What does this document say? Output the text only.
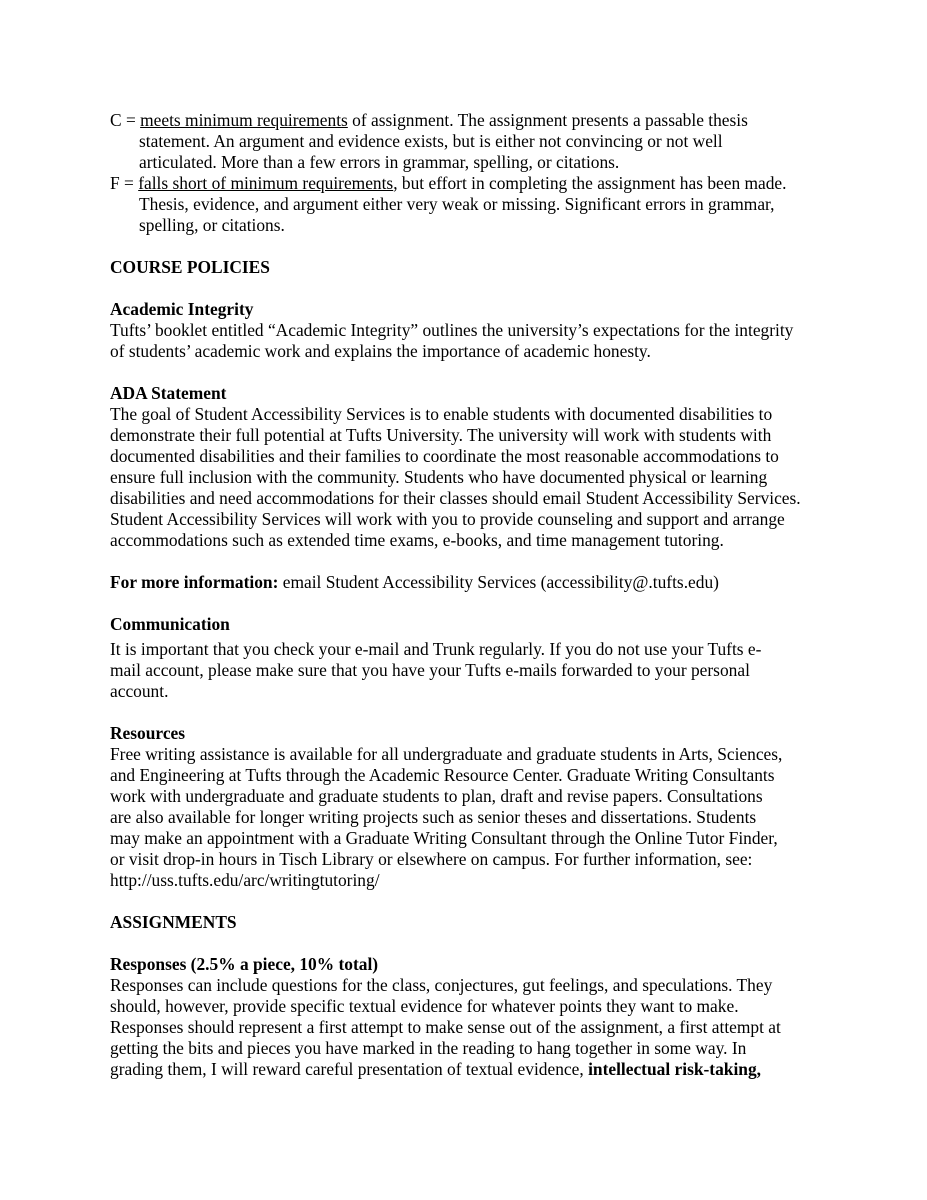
C = meets minimum requirements of assignment. The assignment presents a passable thesis

statement. An argument and evidence exists, but is either not convincing or not well

articulated. More than a few errors in grammar, spelling, or citations.

F = falls short of minimum requirements, but effort in completing the assignment has been made.

Thesis, evidence, and argument either very weak or missing. Significant errors in grammar,

spelling, or citations.

COURSE POLICIES

Academic Integrity

Tufts’ booklet entitled “Academic Integrity” outlines the university’s expectations for the integrity

of students’ academic work and explains the importance of academic honesty.

ADA Statement

The goal of Student Accessibility Services is to enable students with documented disabilities to

demonstrate their full potential at Tufts University. The university will work with students with

documented disabilities and their families to coordinate the most reasonable accommodations to

ensure full inclusion with the community. Students who have documented physical or learning

disabilities and need accommodations for their classes should email Student Accessibility Services.

Student Accessibility Services will work with you to provide counseling and support and arrange

accommodations such as extended time exams, e-books, and time management tutoring.

For more information: email Student Accessibility Services (accessibility@.tufts.edu)

Communication

It is important that you check your e-mail and Trunk regularly. If you do not use your Tufts e-

mail account, please make sure that you have your Tufts e-mails forwarded to your personal

account.

Resources

Free writing assistance is available for all undergraduate and graduate students in Arts, Sciences,

and Engineering at Tufts through the Academic Resource Center. Graduate Writing Consultants

work with undergraduate and graduate students to plan, draft and revise papers. Consultations

are also available for longer writing projects such as senior theses and dissertations. Students

may make an appointment with a Graduate Writing Consultant through the Online Tutor Finder,

or visit drop-in hours in Tisch Library or elsewhere on campus. For further information, see:

http://uss.tufts.edu/arc/writingtutoring/

ASSIGNMENTS

Responses (2.5% a piece, 10% total)

Responses can include questions for the class, conjectures, gut feelings, and speculations. They

should, however, provide specific textual evidence for whatever points they want to make.

Responses should represent a first attempt to make sense out of the assignment, a first attempt at

getting the bits and pieces you have marked in the reading to hang together in some way. In

grading them, I will reward careful presentation of textual evidence, intellectual risk-taking,
